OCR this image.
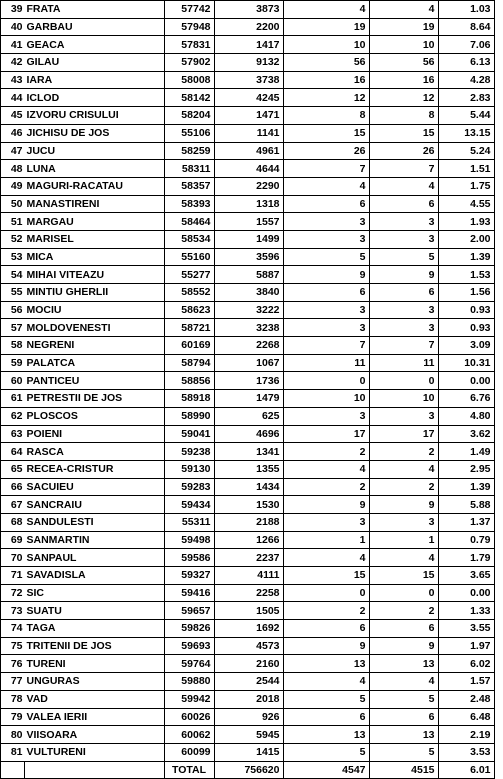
39	FRATA	57742	3873	4	4	1.03
40	GARBAU	57948	2200	19	19	8.64
41	GEACA	57831	1417	10	10	7.06
42	GILAU	57902	9132	56	56	6.13
43	IARA	58008	3738	16	16	4.28
44	ICLOD	58142	4245	12	12	2.83
45	IZVORU CRISULUI	58204	1471	8	8	5.44
46	JICHISU DE JOS	55106	1141	15	15	13.15
47	JUCU	58259	4961	26	26	5.24
48	LUNA	58311	4644	7	7	1.51
49	MAGURI-RACATAU	58357	2290	4	4	1.75
50	MANASTIRENI	58393	1318	6	6	4.55
51	MARGAU	58464	1557	3	3	1.93
52	MARISEL	58534	1499	3	3	2.00
53	MICA	55160	3596	5	5	1.39
54	MIHAI VITEAZU	55277	5887	9	9	1.53
55	MINTIU GHERLII	58552	3840	6	6	1.56
56	MOCIU	58623	3222	3	3	0.93
57	MOLDOVENESTI	58721	3238	3	3	0.93
58	NEGRENI	60169	2268	7	7	3.09
59	PALATCA	58794	1067	11	11	10.31
60	PANTICEU	58856	1736	0	0	0.00
61	PETRESTII DE JOS	58918	1479	10	10	6.76
62	PLOSCOS	58990	625	3	3	4.80
63	POIENI	59041	4696	17	17	3.62
64	RASCA	59238	1341	2	2	1.49
65	RECEA-CRISTUR	59130	1355	4	4	2.95
66	SACUIEU	59283	1434	2	2	1.39
67	SANCRAIU	59434	1530	9	9	5.88
68	SANDULESTI	55311	2188	3	3	1.37
69	SANMARTIN	59498	1266	1	1	0.79
70	SANPAUL	59586	2237	4	4	1.79
71	SAVADISLA	59327	4111	15	15	3.65
72	SIC	59416	2258	0	0	0.00
73	SUATU	59657	1505	2	2	1.33
74	TAGA	59826	1692	6	6	3.55
75	TRITENII DE JOS	59693	4573	9	9	1.97
76	TURENI	59764	2160	13	13	6.02
77	UNGURAS	59880	2544	4	4	1.57
78	VAD	59942	2018	5	5	2.48
79	VALEA IERII	60026	926	6	6	6.48
80	VIISOARA	60062	5945	13	13	2.19
81	VULTURENI	60099	1415	5	5	3.53
		TOTAL	756620	4547	4515	6.01
